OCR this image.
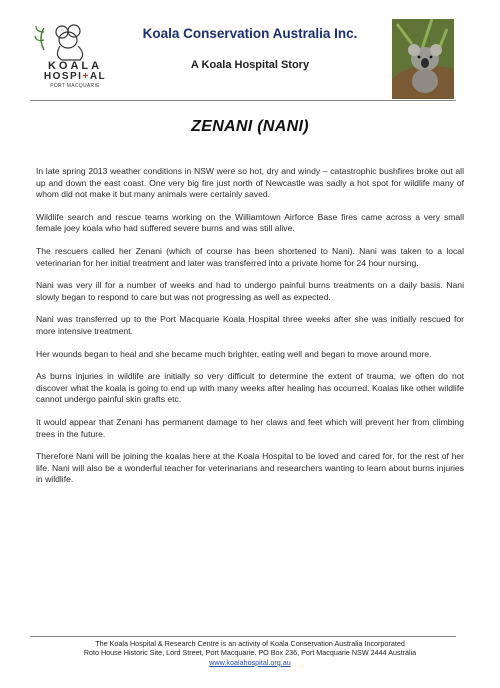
KOALA
HOSPI+AL
PORT MACQUARIE
Koala Conservation Australia Inc.
A Koala Hospital Story
ZENANI (NANI)

In late spring 2013 weather conditions in NSW were so hot, dry and windy – catastrophic bushfires broke out all up and down the east coast. One very big fire just north of Newcastle was sadly a hot spot for wildlife many of whom did not make it but many animals were certainly saved.

Wildlife search and rescue teams working on the Williamtown Airforce Base fires came across a very small female joey koala who had suffered severe burns and was still alive.

The rescuers called her Zenani (which of course has been shortened to Nani). Nani was taken to a local veterinarian for her initial treatment and later was transferred into a private home for 24 hour nursing.

Nani was very ill for a number of weeks and had to undergo painful burns treatments on a daily basis. Nani slowly began to respond to care but was not progressing as well as expected.

Nani was transferred up to the Port Macquarie Koala Hospital three weeks after she was initially rescued for more intensive treatment.

Her wounds began to heal and she became much brighter, eating well and began to move around more.

As burns injuries in wildlife are initially so very difficult to determine the extent of trauma, we often do not discover what the koala is going to end up with many weeks after healing has occurred. Koalas like other wildlife cannot undergo painful skin grafts etc.

It would appear that Zenani has permanent damage to her claws and feet which will prevent her from climbing trees in the future.

Therefore Nani will be joining the koalas here at the Koala Hospital to be loved and cared for, for the rest of her life. Nani will also be a wonderful teacher for veterinarians and researchers wanting to learn about burns injuries in wildlife.

The Koala Hospital & Research Centre is an activity of Koala Conservation Australia Incorporated
Roto House Historic Site, Lord Street, Port Macquarie. PO Box 236, Port Macquarie NSW 2444 Australia
www.koalahospital.org.au
